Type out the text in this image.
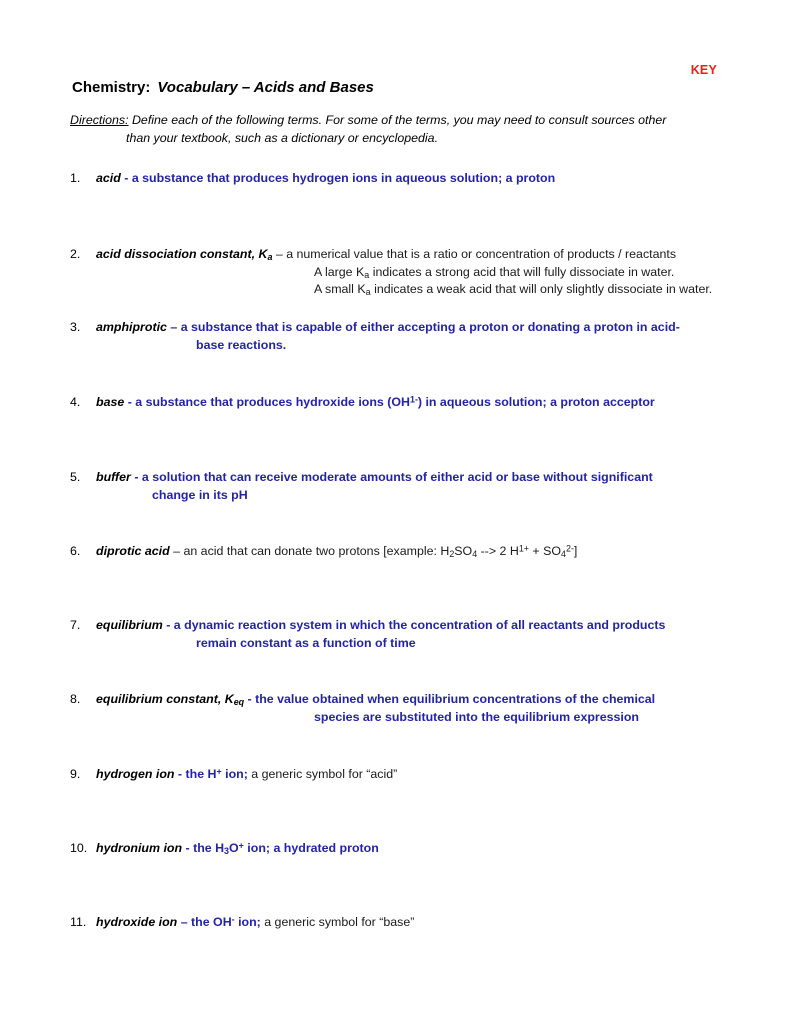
KEY
Chemistry: Vocabulary – Acids and Bases
Directions: Define each of the following terms. For some of the terms, you may need to consult sources other
than your textbook, such as a dictionary or encyclopedia.
1.	acid - a substance that produces hydrogen ions in aqueous solution; a proton
2.	acid dissociation constant, $K_a$ – a numerical value that is a ratio or concentration of products / reactants
A large $K_a$ indicates a strong acid that will fully dissociate in water.
A small $K_a$ indicates a weak acid that will only slightly dissociate in water.
3.	amphiprotic – a substance that is capable of either accepting a proton or donating a proton in acid-
base reactions.
4.	base - a substance that produces hydroxide ions $(OH^{1-})$ in aqueous solution; a proton acceptor
5.	buffer - a solution that can receive moderate amounts of either acid or base without significant
change in its pH
6.	diprotic acid – an acid that can donate two protons [example: $H_2SO_4$ --> 2 $H^{1+} + SO_4^{2-}$]
7.	equilibrium - a dynamic reaction system in which the concentration of all reactants and products
remain constant as a function of time
8.	equilibrium constant, $K_{eq}$ - the value obtained when equilibrium concentrations of the chemical
species are substituted into the equilibrium expression
9.	hydrogen ion - the H+ ion; a generic symbol for “acid”
10. hydronium ion - the $H_3O^+$ ion; a hydrated proton
11. hydroxide ion – the OH- ion; a generic symbol for “base”
